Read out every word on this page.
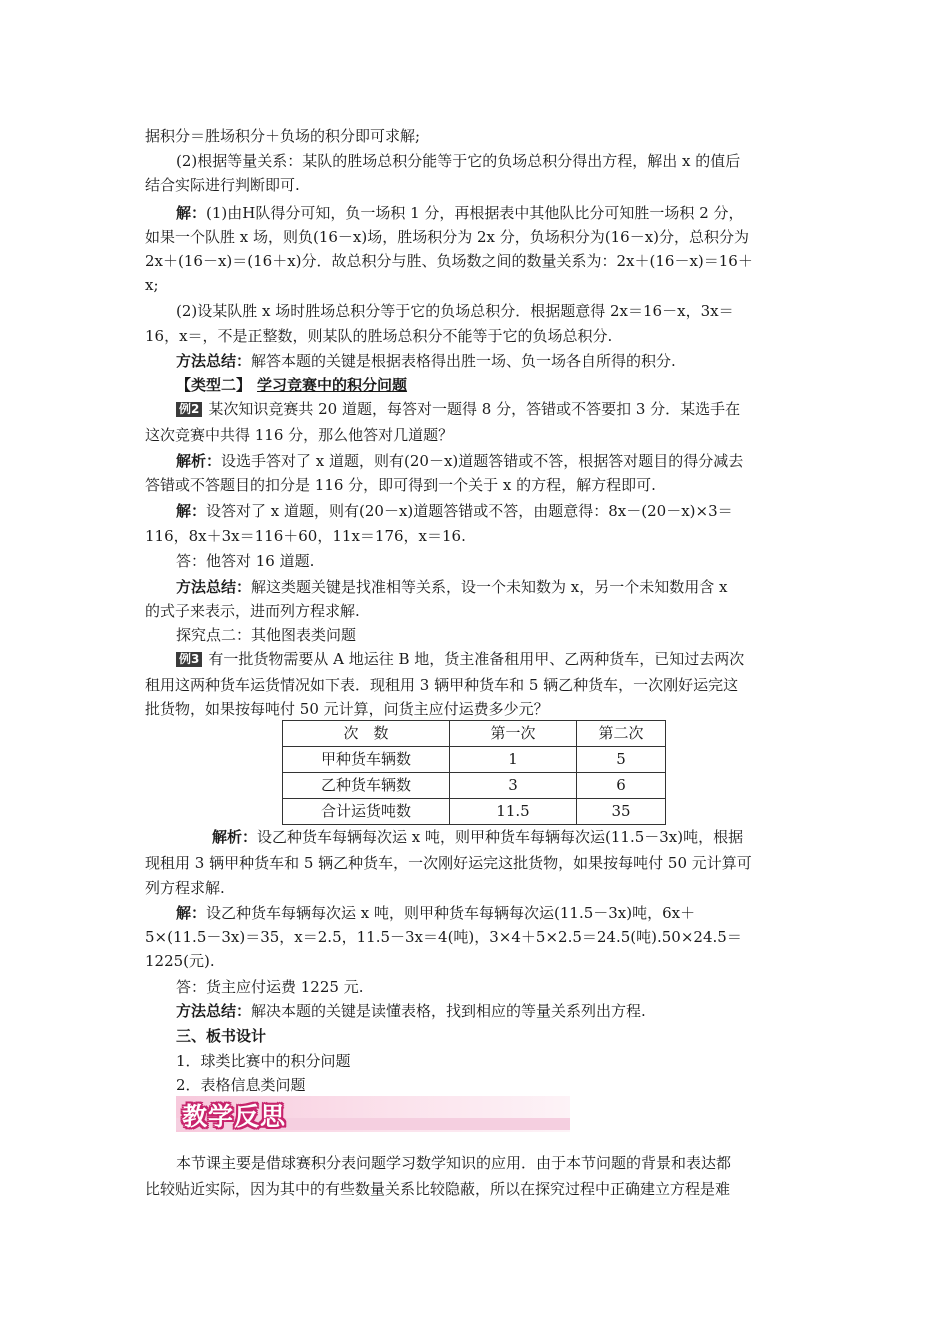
据积分＝胜场积分＋负场的积分即可求解;
(2)根据等量关系：某队的胜场总积分能等于它的负场总积分得出方程，解出 x 的值后
结合实际进行判断即可.
解：(1)由H队得分可知，负一场积 1 分，再根据表中其他队比分可知胜一场积 2 分，
如果一个队胜 x 场，则负(16－x)场，胜场积分为 2x 分，负场积分为(16－x)分，总积分为
2x＋(16－x)＝(16＋x)分．故总积分与胜、负场数之间的数量关系为：2x＋(16－x)＝16＋
x;
(2)设某队胜 x 场时胜场总积分等于它的负场总积分．根据题意得 2x＝16－x，3x＝
16，x＝，不是正整数，则某队的胜场总积分不能等于它的负场总积分.
方法总结：解答本题的关键是根据表格得出胜一场、负一场各自所得的积分.
【类型二】 学习竞赛中的积分问题
例2 某次知识竞赛共 20 道题，每答对一题得 8 分，答错或不答要扣 3 分．某选手在
这次竞赛中共得 116 分，那么他答对几道题？
解析：设选手答对了 x 道题，则有(20－x)道题答错或不答，根据答对题目的得分减去
答错或不答题目的扣分是 116 分，即可得到一个关于 x 的方程，解方程即可.
解：设答对了 x 道题，则有(20－x)道题答错或不答，由题意得：8x－(20－x)×3＝
116，8x＋3x＝116＋60，11x＝176，x＝16.
答：他答对 16 道题.
方法总结：解这类题关键是找准相等关系，设一个未知数为 x，另一个未知数用含 x
的式子来表示，进而列方程求解.
探究点二：其他图表类问题
例3 有一批货物需要从 A 地运往 B 地，货主准备租用甲、乙两种货车，已知过去两次
租用这两种货车运货情况如下表．现租用 3 辆甲种货车和 5 辆乙种货车，一次刚好运完这
批货物，如果按每吨付 50 元计算，问货主应付运费多少元？
次　数	第一次	第二次
甲种货车辆数	1	5
乙种货车辆数	3	6
合计运货吨数	11.5	35
解析：设乙种货车每辆每次运 x 吨，则甲种货车每辆每次运(11.5－3x)吨，根据
现租用 3 辆甲种货车和 5 辆乙种货车，一次刚好运完这批货物，如果按每吨付 50 元计算可
列方程求解.
解：设乙种货车每辆每次运 x 吨，则甲种货车每辆每次运(11.5－3x)吨，6x＋
5×(11.5－3x)＝35，x＝2.5，11.5－3x＝4(吨)，3×4＋5×2.5＝24.5(吨).50×24.5＝
1225(元).
答：货主应付运费 1225 元.
方法总结：解决本题的关键是读懂表格，找到相应的等量关系列出方程.
三、板书设计
1．球类比赛中的积分问题
2．表格信息类问题
教学反思
本节课主要是借球赛积分表问题学习数学知识的应用．由于本节问题的背景和表达都
比较贴近实际，因为其中的有些数量关系比较隐蔽，所以在探究过程中正确建立方程是难
